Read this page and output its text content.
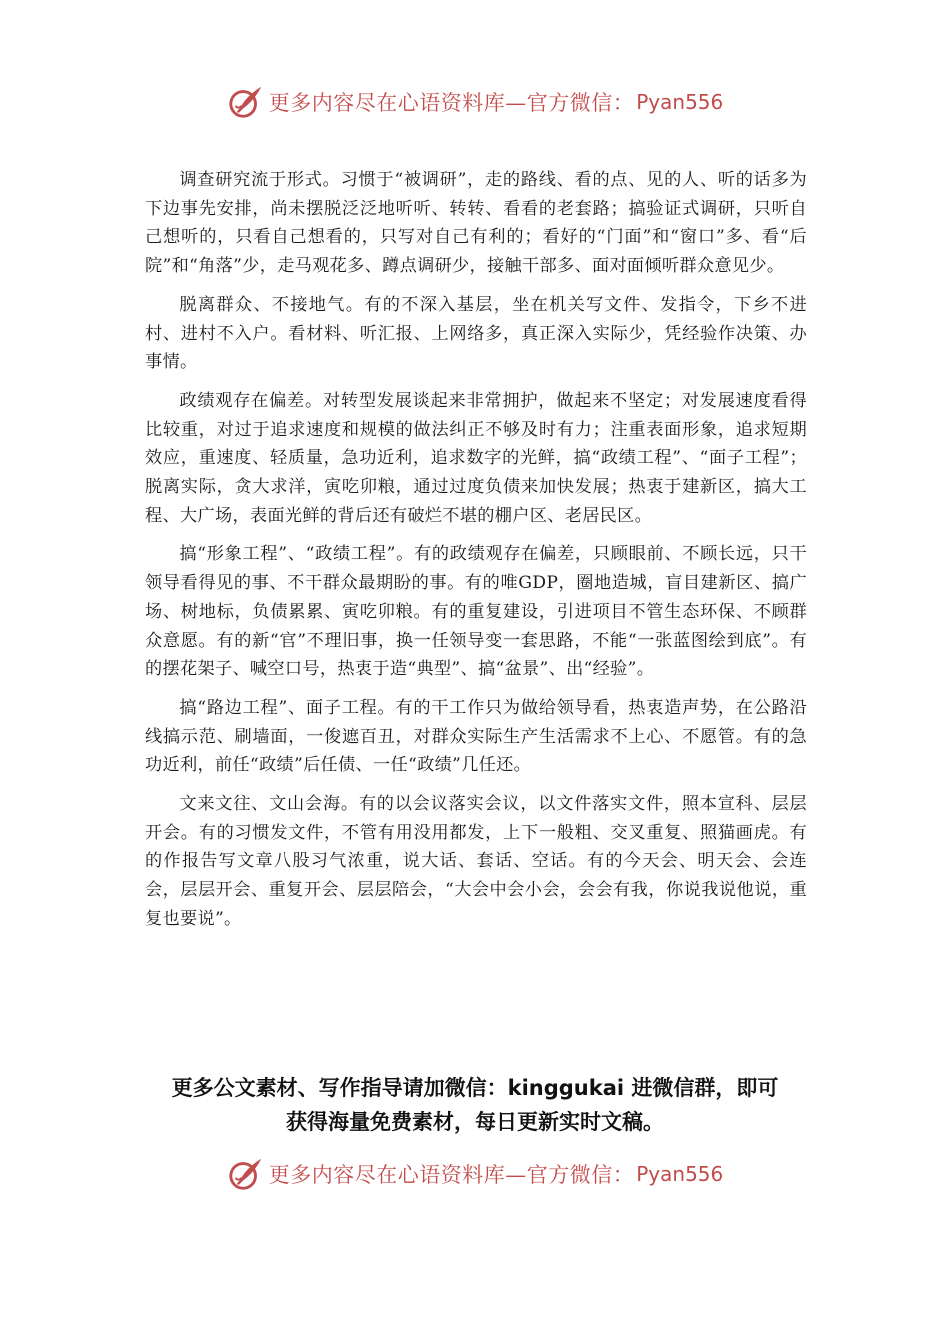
更多内容尽在心语资料库—官方微信： Pyan556

调查研究流于形式。习惯于“被调研”，走的路线、看的点、见的人、听的话多为下边事先安排，尚未摆脱泛泛地听听、转转、看看的老套路；搞验证式调研，只听自己想听的，只看自己想看的，只写对自己有利的；看好的“门面”和“窗口”多、看“后院”和“角落”少，走马观花多、蹲点调研少，接触干部多、面对面倾听群众意见少。

脱离群众、不接地气。有的不深入基层，坐在机关写文件、发指令，下乡不进村、进村不入户。看材料、听汇报、上网络多，真正深入实际少，凭经验作决策、办事情。

政绩观存在偏差。对转型发展谈起来非常拥护，做起来不坚定；对发展速度看得比较重，对过于追求速度和规模的做法纠正不够及时有力；注重表面形象，追求短期效应，重速度、轻质量，急功近利，追求数字的光鲜，搞“政绩工程”、“面子工程”；脱离实际，贪大求洋，寅吃卯粮，通过过度负债来加快发展；热衷于建新区，搞大工程、大广场，表面光鲜的背后还有破烂不堪的棚户区、老居民区。

搞“形象工程”、“政绩工程”。有的政绩观存在偏差，只顾眼前、不顾长远，只干领导看得见的事、不干群众最期盼的事。有的唯GDP，圈地造城，盲目建新区、搞广场、树地标，负债累累、寅吃卯粮。有的重复建设，引进项目不管生态环保、不顾群众意愿。有的新“官”不理旧事，换一任领导变一套思路，不能“一张蓝图绘到底”。有的摆花架子、喊空口号，热衷于造“典型”、搞“盆景”、出“经验”。

搞“路边工程”、面子工程。有的干工作只为做给领导看，热衷造声势，在公路沿线搞示范、刷墙面，一俊遮百丑，对群众实际生产生活需求不上心、不愿管。有的急功近利，前任“政绩”后任债、一任“政绩”几任还。

文来文往、文山会海。有的以会议落实会议，以文件落实文件，照本宣科、层层开会。有的习惯发文件，不管有用没用都发，上下一般粗、交叉重复、照猫画虎。有的作报告写文章八股习气浓重，说大话、套话、空话。有的今天会、明天会、会连会，层层开会、重复开会、层层陪会，“大会中会小会，会会有我，你说我说他说，重复也要说”。

更多公文素材、写作指导请加微信：kinggukai 进微信群，即可
获得海量免费素材，每日更新实时文稿。
更多内容尽在心语资料库—官方微信： Pyan556
